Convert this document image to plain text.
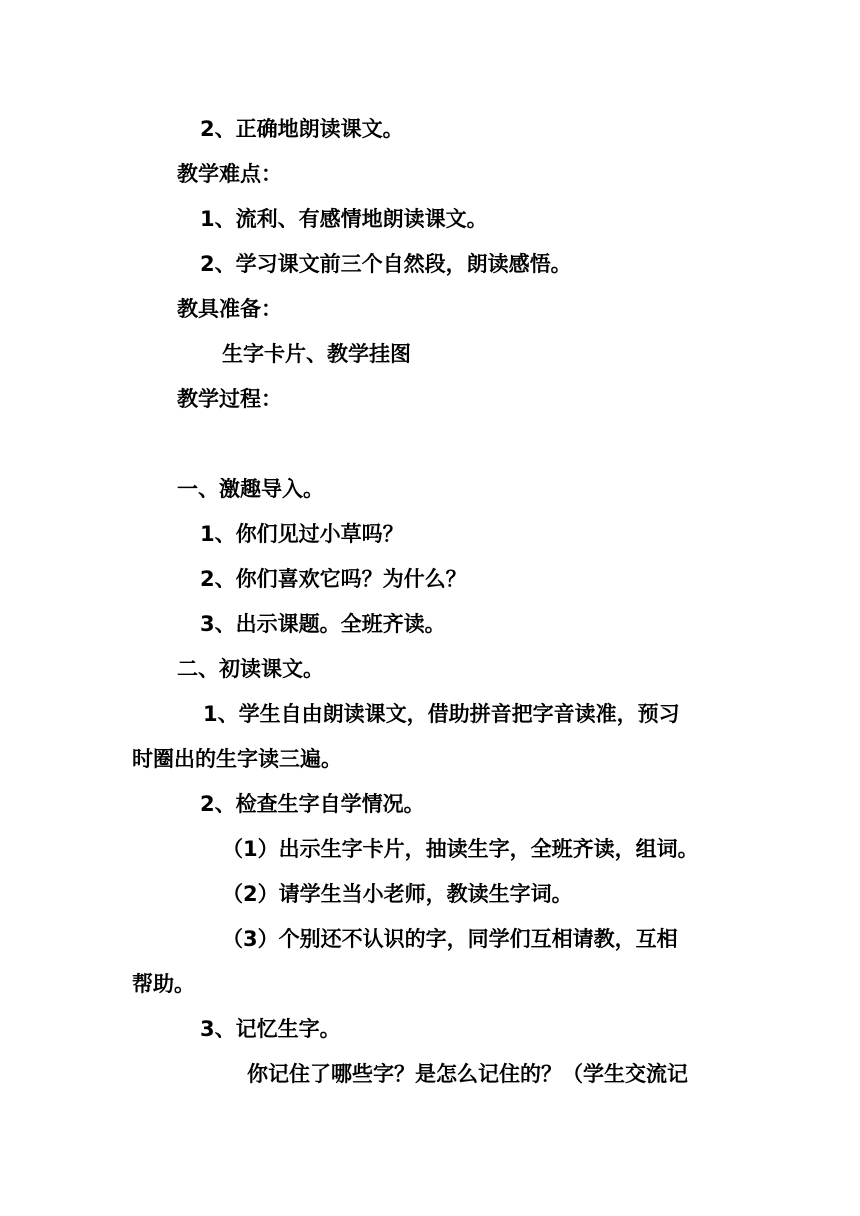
2、正确地朗读课文。

教学难点：

1、流利、有感情地朗读课文。

2、学习课文前三个自然段，朗读感悟。

教具准备：

生字卡片、教学挂图

教学过程：

一、激趣导入。

1、你们见过小草吗？

2、你们喜欢它吗？为什么？

3、出示课题。全班齐读。

二、初读课文。

1、学生自由朗读课文，借助拼音把字音读准，预习

时圈出的生字读三遍。

2、检查生字自学情况。

（1）出示生字卡片，抽读生字，全班齐读，组词。

（2）请学生当小老师，教读生字词。

（3）个别还不认识的字，同学们互相请教，互相

帮助。

3、记忆生字。

你记住了哪些字？是怎么记住的？（学生交流记
